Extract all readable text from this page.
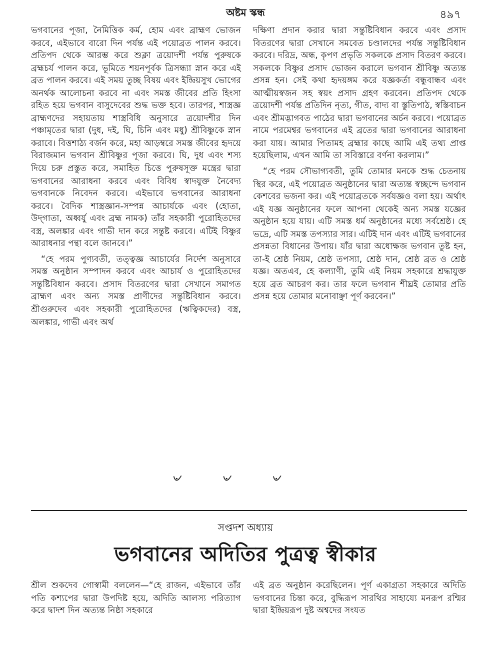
অষ্টম স্কন্ধ	৪৯৭

ভগবানের পূজা, নৈমিত্তিক কর্ম, হোম এবং ব্রাহ্মণ ভোজন করবে, এইভাবে বারো দিন পর্যন্ত এই পয়োব্রত পালন করবে। প্রতিপদ থেকে আরম্ভ করে শুক্লা ত্রয়োদশী পর্যন্ত পুরুষকে ব্রহ্মচর্য পালন করে, ভূমিতে শয়নপূর্বক ত্রিসন্ধ্যা স্নান করে এই ব্রত পালন করবে। এই সময় তুচ্ছ বিষয় এবং ইন্দ্রিয়সুখ ভোগের অনর্থক আলোচনা করবে না এবং সমস্ত জীবের প্রতি হিংসা রহিত হয়ে ভগবান বাসুদেবের শুদ্ধ ভক্ত হবে। তারপর, শাস্ত্রজ্ঞ ব্রাহ্মণদের সহায়তায় শাস্ত্রবিধি অনুসারে ত্রয়োদশীর দিন পঞ্চামৃতের দ্বারা (দুধ, দই, ঘি, চিনি এবং মধু) শ্রীবিষ্ণুকে স্নান করাবে। বিত্তশাঠ্য বর্জন করে, মহা আড়ম্বরে সমস্ত জীবের হৃদয়ে বিরাজমান ভগবান শ্রীবিষ্ণুর পূজা করবে। ঘি, দুধ এবং শস্য দিয়ে চরু প্রস্তুত করে, সমাহিত চিত্তে পুরুষসূক্ত মন্ত্রের দ্বারা ভগবানের আরাধনা করবে এবং বিবিধ স্বাদযুক্ত নৈবেদ্য ভগবানকে নিবেদন করবে। এইভাবে ভগবানের আরাধনা করবে। বৈদিক শাস্ত্রজ্ঞান-সম্পন্ন আচার্যকে এবং (হোতা, উদ্‌গাতা, অধ্বর্যু এবং ব্রহ্ম নামক) তাঁর সহকারী পুরোহিতদের বস্ত্র, অলঙ্কার এবং গাভী দান করে সন্তুষ্ট করবে। এটিই বিষ্ণুর আরাধনার পন্থা বলে জানবে।”

“হে পরম পুণ্যবতী, তত্ত্বজ্ঞ আচার্যের নির্দেশ অনুসারে সমস্ত অনুষ্ঠান সম্পাদন করবে এবং আচার্য ও পুরোহিতদের সন্তুষ্টিবিধান করবে। প্রসাদ বিতরণের দ্বারা সেখানে সমাগত ব্রাহ্মণ এবং অন্য সমস্ত প্রাণীদের সন্তুষ্টিবিধান করবে। শ্রীগুরুদেব এবং সহকারী পুরোহিতদের (ঋত্বিকদের) বস্ত্র, অলঙ্কার, গাভী এবং অর্থ

দক্ষিণা প্রদান করার দ্বারা সন্তুষ্টিবিধান করবে এবং প্রসাদ বিতরণের দ্বারা সেখানে সমবেত চণ্ডালদের পর্যন্ত সন্তুষ্টিবিধান করবে। দরিদ্র, অন্ধ, কৃপণ প্রভৃতি সকলকে প্রসাদ বিতরণ করবে। সকলকে বিষ্ণুর প্রসাদ ভোজন করালে ভগবান শ্রীবিষ্ণু অত্যন্ত প্রসন্ন হন। সেই কথা হৃদয়ঙ্গম করে যজ্ঞকর্তা বন্ধুবান্ধব এবং আত্মীয়স্বজন সহ স্বয়ং প্রসাদ গ্রহণ করবেন। প্রতিপদ থেকে ত্রয়োদশী পর্যন্ত প্রতিদিন নৃত্য, গীত, বাদ্য বা স্তুতিপাঠ, স্বস্তিবাচন এবং শ্রীমদ্ভাগবত পাঠের দ্বারা ভগবানের অর্চন করবে। পয়োব্রত নামে পরমেশ্বর ভগবানের এই ব্রতের দ্বারা ভগবানের আরাধনা করা যায়। আমার পিতামহ ব্রহ্মার কাছে আমি এই তথ্য প্রাপ্ত হয়েছিলাম, এখন আমি তা সবিস্তারে বর্ণনা করলাম।”

“হে পরম সৌভাগ্যবতী, তুমি তোমার মনকে শুদ্ধ চেতনায় স্থির করে, এই পয়োব্রত অনুষ্ঠানের দ্বারা অত্যন্ত স্বচ্ছন্দে ভগবান কেশবের ভজনা কর। এই পয়োব্রতকে সর্বযজ্ঞও বলা হয়। অর্থাৎ এই যজ্ঞ অনুষ্ঠানের ফলে আপনা থেকেই অন্য সমস্ত যজ্ঞের অনুষ্ঠান হয়ে যায়। এটি সমস্ত ধর্ম অনুষ্ঠানের মধ্যে সর্বশ্রেষ্ঠ। হে ভদ্রে, এটি সমস্ত তপস্যার সার। এটিই দান এবং এটিই ভগবানের প্রসন্নতা বিধানের উপায়। যাঁর দ্বারা অধোক্ষজ ভগবান তুষ্ট হন, তা-ই শ্রেষ্ঠ নিয়ম, শ্রেষ্ঠ তপস্যা, শ্রেষ্ঠ দান, শ্রেষ্ঠ ব্রত ও শ্রেষ্ঠ যজ্ঞ। অতএব, হে কল্যাণী, তুমি এই নিয়ম সহকারে শ্রদ্ধাযুক্ত হয়ে ব্রত আচরণ কর। তার ফলে ভগবান শীঘ্রই তোমার প্রতি প্রসন্ন হয়ে তোমার মনোবাঞ্ছা পূর্ণ করবেন।”

৺৺৺
সপ্তদশ অধ্যায়
ভগবানের অদিতির পুত্রত্ব স্বীকার
শ্রীল শুকদেব গোস্বামী বললেন—“হে রাজন, এইভাবে তাঁর পতি কশ্যপের দ্বারা উপদিষ্ট হয়ে, অদিতি আলস্য পরিত্যাগ করে দ্বাদশ দিন অত্যন্ত নিষ্ঠা সহকারে
এই ব্রত অনুষ্ঠান করেছিলেন। পূর্ণ একাগ্রতা সহকারে অদিতি ভগবানের চিন্তা করে, বুদ্ধিরূপ সারথির সাহায্যে মনরূপ রশ্মির দ্বারা ইন্দ্রিয়রূপ দুষ্ট অশ্বদের সংযত
